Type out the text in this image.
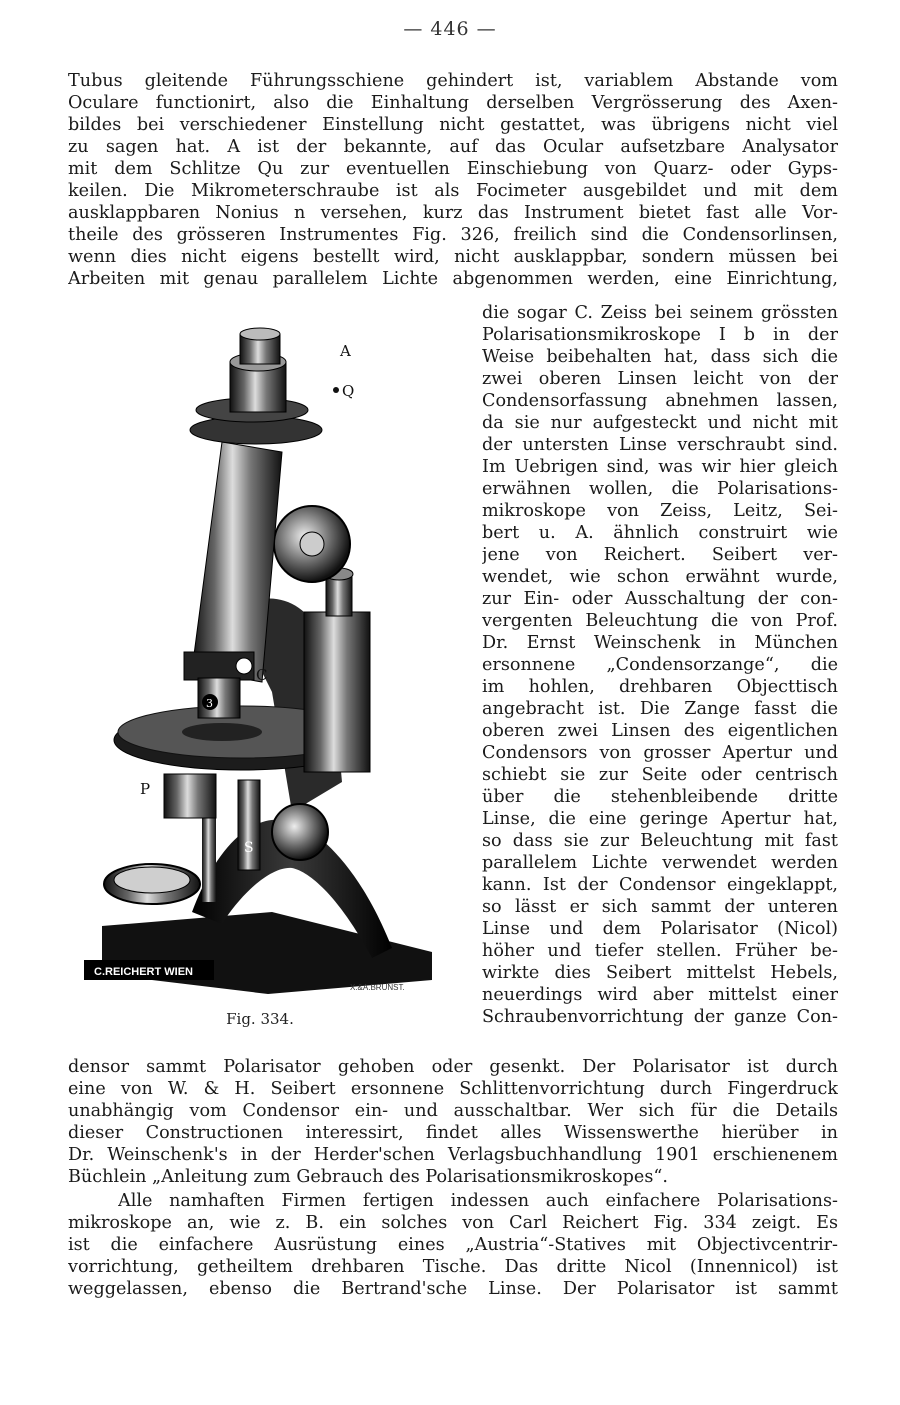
— 446 —
Tubus gleitende Führungsschiene gehindert ist, variablem Abstande vom
Oculare functionirt, also die Einhaltung derselben Vergrösserung des Axen-
bildes bei verschiedener Einstellung nicht gestattet, was übrigens nicht viel
zu sagen hat. A ist der bekannte, auf das Ocular aufsetzbare Analysator
mit dem Schlitze Qu zur eventuellen Einschiebung von Quarz- oder Gyps-
keilen. Die Mikrometerschraube ist als Focimeter ausgebildet und mit dem
ausklappbaren Nonius n versehen, kurz das Instrument bietet fast alle Vor-
theile des grösseren Instrumentes Fig. 326, freilich sind die Condensorlinsen,
wenn dies nicht eigens bestellt wird, nicht ausklappbar, sondern müssen bei
Arbeiten mit genau parallelem Lichte abgenommen werden, eine Einrichtung,
die sogar C. Zeiss bei seinem grössten
Polarisationsmikroskope I b in der
Weise beibehalten hat, dass sich die
zwei oberen Linsen leicht von der
Condensorfassung abnehmen lassen,
da sie nur aufgesteckt und nicht mit
der untersten Linse verschraubt sind.
Im Uebrigen sind, was wir hier gleich
erwähnen wollen, die Polarisations-
mikroskope von Zeiss, Leitz, Sei-
bert u. A. ähnlich construirt wie
jene von Reichert. Seibert ver-
wendet, wie schon erwähnt wurde,
zur Ein- oder Ausschaltung der con-
vergenten Beleuchtung die von Prof.
Dr. Ernst Weinschenk in München
ersonnene „Condensorzange“, die
im hohlen, drehbaren Objecttisch
angebracht ist. Die Zange fasst die
oberen zwei Linsen des eigentlichen
Condensors von grosser Apertur und
schiebt sie zur Seite oder centrisch
über die stehenbleibende dritte
Linse, die eine geringe Apertur hat,
so dass sie zur Beleuchtung mit fast
parallelem Lichte verwendet werden
kann. Ist der Condensor eingeklappt,
so lässt er sich sammt der unteren
Linse und dem Polarisator (Nicol)
höher und tiefer stellen. Früher be-
wirkte dies Seibert mittelst Hebels,
neuerdings wird aber mittelst einer
Schraubenvorrichtung der ganze Con-
densor sammt Polarisator gehoben oder gesenkt. Der Polarisator ist durch
eine von W. & H. Seibert ersonnene Schlittenvorrichtung durch Fingerdruck
unabhängig vom Condensor ein- und ausschaltbar. Wer sich für die Details
dieser Constructionen interessirt, findet alles Wissenswerthe hierüber in
Dr. Weinschenk's in der Herder'schen Verlagsbuchhandlung 1901 erschienenem
Büchlein „Anleitung zum Gebrauch des Polarisationsmikroskopes“.
Alle namhaften Firmen fertigen indessen auch einfachere Polarisations-
mikroskope an, wie z. B. ein solches von Carl Reichert Fig. 334 zeigt. Es
ist die einfachere Ausrüstung eines „Austria“-Statives mit Objectivcentrir-
vorrichtung, getheiltem drehbaren Tische. Das dritte Nicol (Innennicol) ist
weggelassen, ebenso die Bertrand'sche Linse. Der Polarisator ist sammt
C.REICHERT WIEN
X.&A.BRUNST.
P
S
3
C
A
Q
Fig. 334.
